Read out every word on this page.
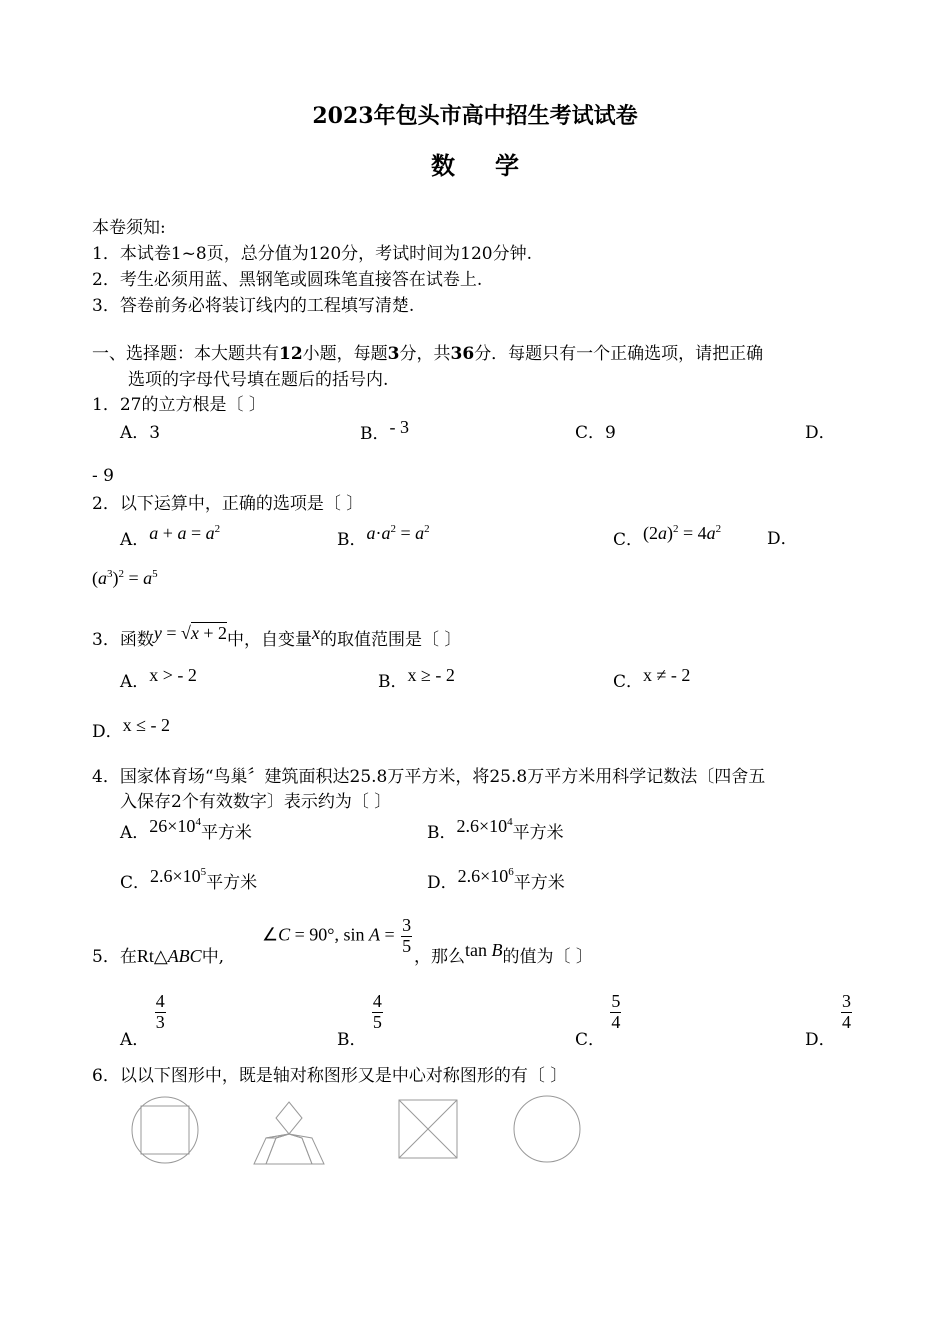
2023年包头市高中招生考试试卷
数学
本卷须知:
1．本试卷1~8页，总分值为120分，考试时间为120分钟.
2．考生必须用蓝、黑钢笔或圆珠笔直接答在试卷上.
3．答卷前务必将装订线内的工程填写清楚.
一、选择题：本大题共有12小题，每题3分，共36分．每题只有一个正确选项，请把正确
选项的字母代号填在题后的括号内.
1．27的立方根是〔 〕
A．3	B．- 3	C．9	D．
- 9
2．以下运算中，正确的选项是〔 〕
A．$a + a = a^2$
B．$a\cdot a^2 = a^2$
C．$(2a)^2 = 4a^2$	D．
$(a^3)^2 = a^5$
3．函数y = √x + 2中，自变量x的取值范围是〔 〕
A．x > - 2	B．x ≥ - 2	C．x ≠ - 2
D．x ≤ - 2
4．国家体育场“鸟巢〞建筑面积达25.8万平方米，将25.8万平方米用科学记数法〔四舍五
入保存2个有效数字〕表示约为〔 〕
A．$26\times 10^4$平方米	B．$2.6\times 10^4$平方米
C．$2.6\times 10^5$平方米	D．$2.6\times 10^6$平方米
5．在Rt△ABC中,
∠C = 90°, $\sin A = \frac{3}{5}$
，那么tan B的值为〔 〕
A．
$\frac{4}{3}$
B．
$\frac{4}{5}$
C．
$\frac{5}{4}$
D．
$\frac{3}{4}$
6．以以下图形中，既是轴对称图形又是中心对称图形的有〔 〕
